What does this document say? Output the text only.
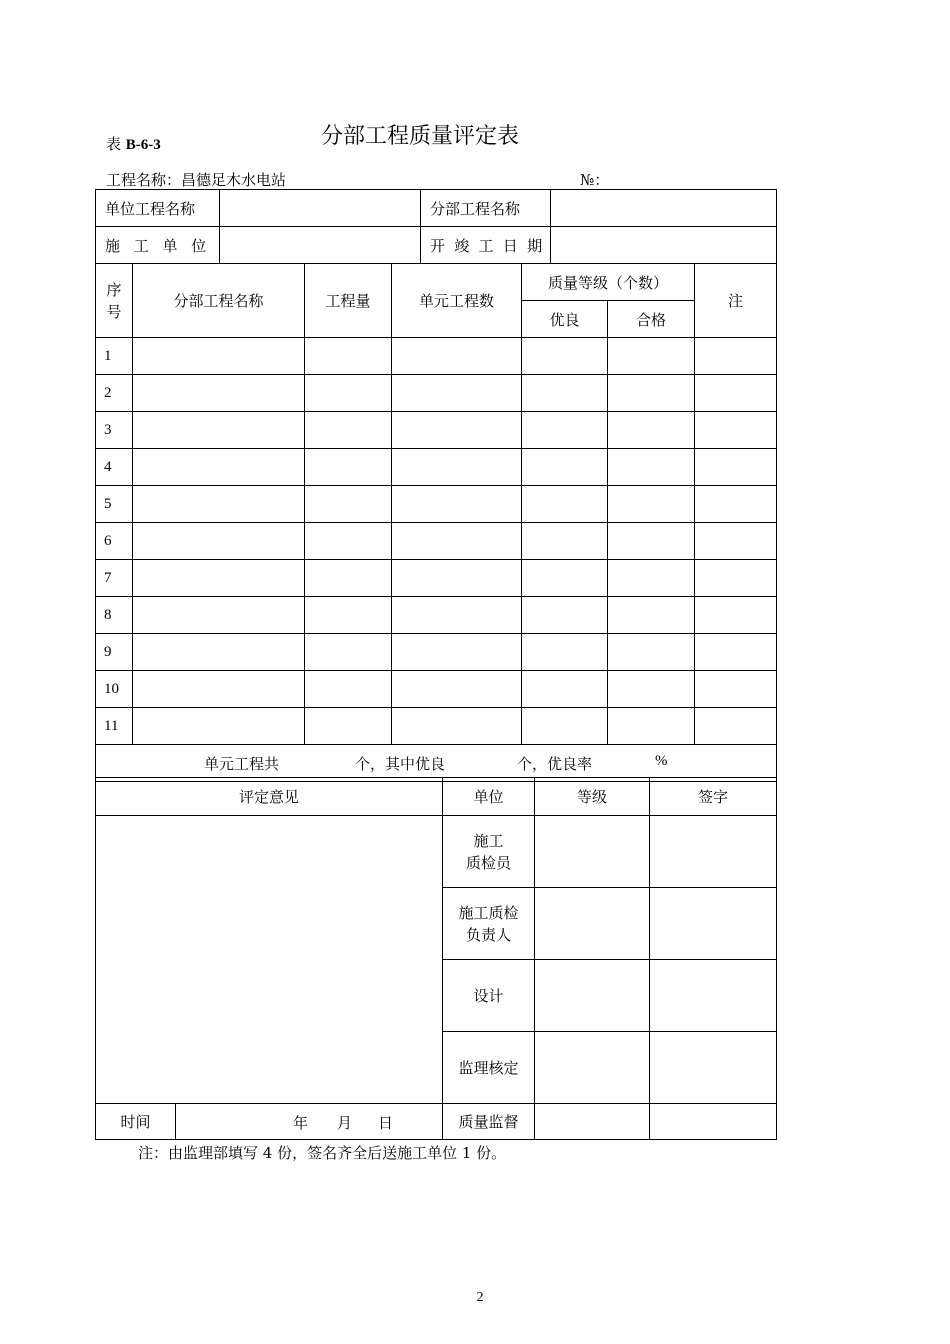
表 B-6-3	分部工程质量评定表
工程名称：昌德足木水电站	№：
单位工程名称		分部工程名称	
施 工 单 位		开 竣 工 日 期	
序号	分部工程名称	工程量	单元工程数	质量等级（个数）		注
				优良	合格	
1						
2						
3						
4						
5						
6						
7						
8						
9						
10						
11						

单元工程共 个，其中优良 个，优良率 %						
评定意见		单位	等级	签字

		施工
质检员		

		施工质检
负责人		

		设计		
		监理核定		
时间	年 月 日	质量监督		
注：由监理部填写 4 份，签名齐全后送施工单位 1 份。
2
